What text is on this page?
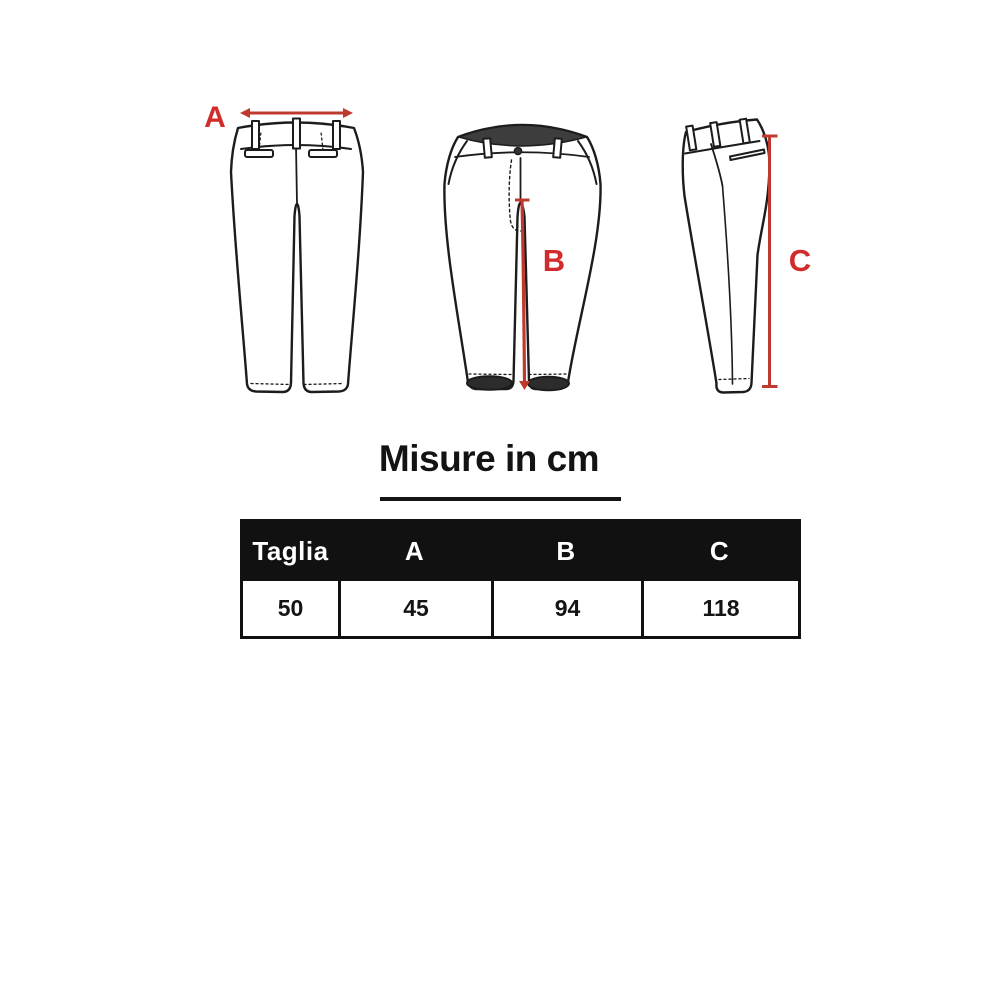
A
B	C
Misure in cm
Taglia	A	B	C
50	45	94	118
